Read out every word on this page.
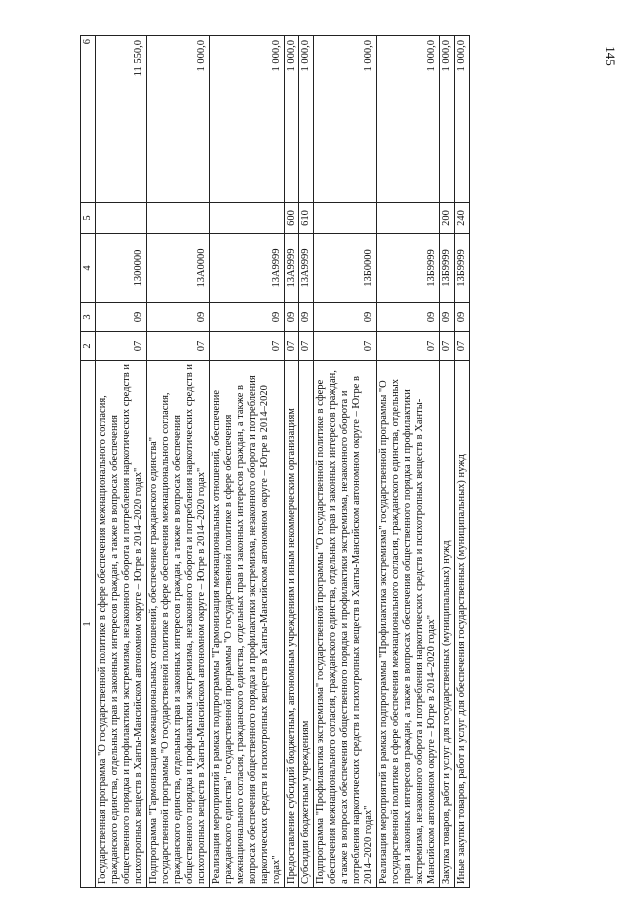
145
1	2	3	4	5	6
Государственная программа "О государственной политике в сфере обеспечения межнационального согласия, гражданского единства, отдельных прав и законных интересов граждан, а также в вопросах обеспечения общественного порядка и профилактики экстремизма, незаконного оборота и потребления наркотических средств и психотропных веществ в Ханты-Мансийском автономном округе – Югре в 2014–2020 годах"	07	09	1300000		11 550,0
Подпрограмма "Гармонизация межнациональных отношений, обеспечение гражданского единства" государственной программы "О государственной политике в сфере обеспечения межнационального согласия, гражданского единства, отдельных прав и законных интересов граждан, а также в вопросах обеспечения общественного порядка и профилактики экстремизма, незаконного оборота и потребления наркотических средств и психотропных веществ в Ханты-Мансийском автономном округе – Югре в 2014–2020 годах"	07	09	13А0000		1 000,0
Реализация мероприятий в рамках подпрограммы "Гармонизация межнациональных отношений, обеспечение гражданского единства" государственной программы "О государственной политике в сфере обеспечения межнационального согласия, гражданского единства, отдельных прав и законных интересов граждан, а также в вопросах обеспечения общественного порядка и профилактики экстремизма, незаконного оборота и потребления наркотических средств и психотропных веществ в Ханты-Мансийском автономном округе – Югре в 2014–2020 годах"	07	09	13А9999		1 000,0
Предоставление субсидий бюджетным, автономным учреждениям и иным некоммерческим организациям	07	09	13А9999	600	1 000,0
Субсидии бюджетным учреждениям	07	09	13А9999	610	1 000,0
Подпрограмма "Профилактика экстремизма" государственной программы "О государственной политике в сфере обеспечения межнационального согласия, гражданского единства, отдельных прав и законных интересов граждан, а также в вопросах обеспечения общественного порядка и профилактики экстремизма, незаконного оборота и потребления наркотических средств и психотропных веществ в Ханты-Мансийском автономном округе – Югре в 2014–2020 годах"	07	09	13Б0000		1 000,0
Реализация мероприятий в рамках подпрограммы "Профилактика экстремизма" государственной программы "О государственной политике в сфере обеспечения межнационального согласия, гражданского единства, отдельных прав и законных интересов граждан, а также в вопросах обеспечения общественного порядка и профилактики экстремизма, незаконного оборота и потребления наркотических средств и психотропных веществ в Ханты-Мансийском автономном округе – Югре в 2014–2020 годах"	07	09	13Б9999		1 000,0
Закупка товаров, работ и услуг для государственных (муниципальных) нужд	07	09	13Б9999	200	1 000,0
Иные закупки товаров, работ и услуг для обеспечения государственных (муниципальных) нужд	07	09	13Б9999	240	1 000,0
